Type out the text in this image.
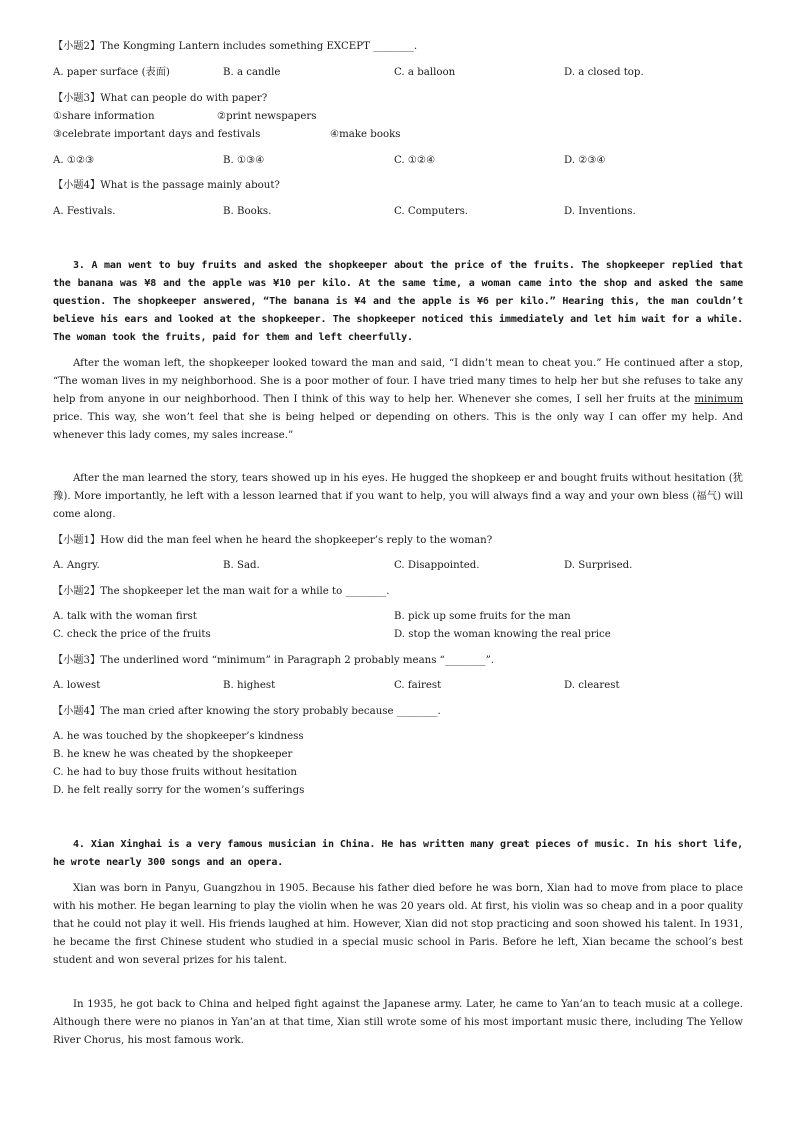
【小题2】The Kongming Lantern includes something EXCEPT ________.
A. paper surface (表面)	B. a candle	C. a balloon	D. a closed top.
【小题3】What can people do with paper?
①share information	②print newspapers
③celebrate important days and festivals	④make books
A. ①②③	B. ①③④	C. ①②④	D. ②③④
【小题4】What is the passage mainly about?
A. Festivals.	B. Books.	C. Computers.	D. Inventions.
3. A man went to buy fruits and asked the shopkeeper about the price of the fruits. The shopkeeper replied that the banana was ¥8 and the apple was ¥10 per kilo. At the same time, a woman came into the shop and asked the same question. The shopkeeper answered, “The banana is ¥4 and the apple is ¥6 per kilo.” Hearing this, the man couldn’t believe his ears and looked at the shopkeeper. The shopkeeper noticed this immediately and let him wait for a while. The woman took the fruits, paid for them and left cheerfully.
After the woman left, the shopkeeper looked toward the man and said, “I didn’t mean to cheat you.” He continued after a stop, “The woman lives in my neighborhood. She is a poor mother of four. I have tried many times to help her but she refuses to take any help from anyone in our neighborhood. Then I think of this way to help her. Whenever she comes, I sell her fruits at the minimum price. This way, she won’t feel that she is being helped or depending on others. This is the only way I can offer my help. And whenever this lady comes, my sales increase.”
After the man learned the story, tears showed up in his eyes. He hugged the shopkeep er and bought fruits without hesitation (犹豫). More importantly, he left with a lesson learned that if you want to help, you will always find a way and your own bless (福气) will come along.
【小题1】How did the man feel when he heard the shopkeeper’s reply to the woman?
A. Angry.	B. Sad.	C. Disappointed.	D. Surprised.
【小题2】The shopkeeper let the man wait for a while to ________.
A. talk with the woman first	B. pick up some fruits for the man
C. check the price of the fruits	D. stop the woman knowing the real price
【小题3】The underlined word “minimum” in Paragraph 2 probably means “________”.
A. lowest	B. highest	C. fairest	D. clearest
【小题4】The man cried after knowing the story probably because ________.
A. he was touched by the shopkeeper’s kindness
B. he knew he was cheated by the shopkeeper
C. he had to buy those fruits without hesitation
D. he felt really sorry for the women’s sufferings
4. Xian Xinghai is a very famous musician in China. He has written many great pieces of music. In his short life, he wrote nearly 300 songs and an opera.
Xian was born in Panyu, Guangzhou in 1905. Because his father died before he was born, Xian had to move from place to place with his mother. He began learning to play the violin when he was 20 years old. At first, his violin was so cheap and in a poor quality that he could not play it well. His friends laughed at him. However, Xian did not stop practicing and soon showed his talent. In 1931, he became the first Chinese student who studied in a special music school in Paris. Before he left, Xian became the school’s best student and won several prizes for his talent.
In 1935, he got back to China and helped fight against the Japanese army. Later, he came to Yan’an to teach music at a college. Although there were no pianos in Yan’an at that time, Xian still wrote some of his most important music there, including The Yellow River Chorus, his most famous work.
